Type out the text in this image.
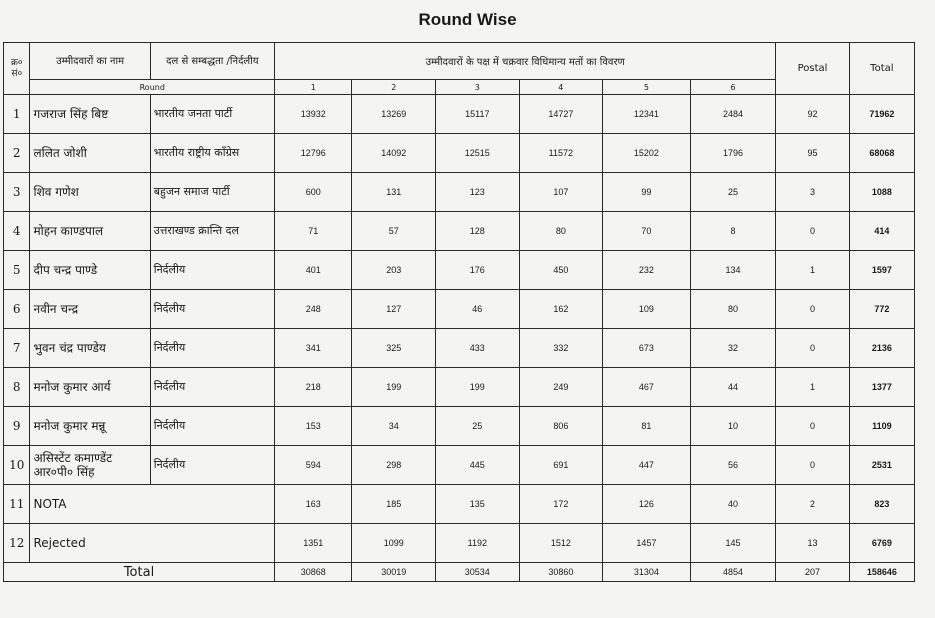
Round Wise
क्र० सं०	उम्मीदवारों का नाम	दल से सम्बद्धता /निर्दलीय	उम्मीदवारों के पक्ष में चक्रवार विधिमान्य मतों का विवरण						Postal	Total
	Round		1	2	3	4	5	6		
1	गजराज सिंह बिष्ट	भारतीय जनता पार्टी	13932	13269	15117	14727	12341	2484	92	71962
2	ललित जोशी	भारतीय राष्ट्रीय कॉंग्रेस	12796	14092	12515	11572	15202	1796	95	68068
3	शिव गणेश	बहुजन समाज पार्टी	600	131	123	107	99	25	3	1088
4	मोहन काण्डपाल	उत्तराखण्ड क्रान्ति दल	71	57	128	80	70	8	0	414
5	दीप चन्द्र पाण्डे	निर्दलीय	401	203	176	450	232	134	1	1597
6	नवीन चन्द्र	निर्दलीय	248	127	46	162	109	80	0	772
7	भुवन चंद्र पाण्डेय	निर्दलीय	341	325	433	332	673	32	0	2136
8	मनोज कुमार आर्य	निर्दलीय	218	199	199	249	467	44	1	1377
9	मनोज कुमार मन्नू	निर्दलीय	153	34	25	806	81	10	0	1109
10	असिस्टेंट कमाण्डेंट आर०पी० सिंह	निर्दलीय	594	298	445	691	447	56	0	2531
11	NOTA		163	185	135	172	126	40	2	823
12	Rejected		1351	1099	1192	1512	1457	145	13	6769
Total			30868	30019	30534	30860	31304	4854	207	158646
